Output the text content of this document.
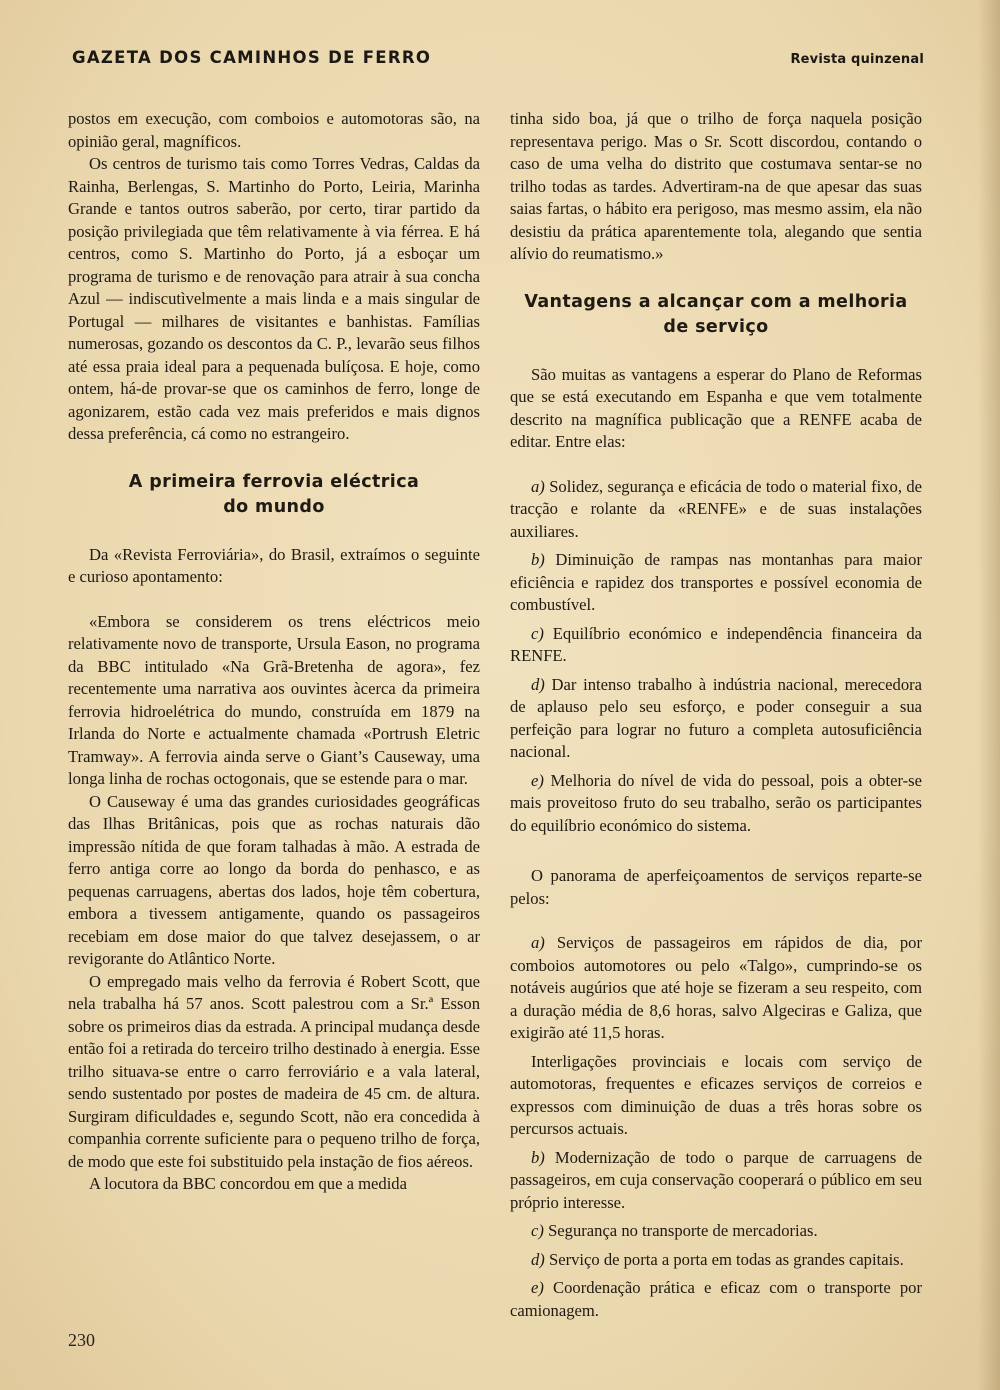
GAZETA DOS CAMINHOS DE FERRO	Revista quinzenal

postos em execução, com comboios e automotoras são, na opinião geral, magníficos.

Os centros de turismo tais como Torres Vedras, Caldas da Rainha, Berlengas, S. Martinho do Porto, Leiria, Marinha Grande e tantos outros saberão, por certo, tirar partido da posição privilegiada que têm relativamente à via férrea. E há centros, como S. Martinho do Porto, já a esboçar um programa de turismo e de renovação para atrair à sua concha Azul — indiscutìvelmente a mais linda e a mais singular de Portugal — milhares de visitantes e banhistas. Famílias numerosas, gozando os descontos da C. P., levarão seus filhos até essa praia ideal para a pequenada bulíçosa. E hoje, como ontem, há-de provar-se que os caminhos de ferro, longe de agonizarem, estão cada vez mais preferidos e mais dignos dessa preferência, cá como no estrangeiro.

A primeira ferrovia eléctrica
do mundo

Da «Revista Ferroviária», do Brasil, extraímos o seguinte e curioso apontamento:

«Embora se considerem os trens eléctricos meio relativamente novo de transporte, Ursula Eason, no programa da BBC intitulado «Na Grã-Bretenha de agora», fez recentemente uma narrativa aos ouvintes àcerca da primeira ferrovia hidroelétrica do mundo, construída em 1879 na Irlanda do Norte e actualmente chamada «Portrush Eletric Tramway». A ferrovia ainda serve o Giant’s Causeway, uma longa linha de rochas octogonais, que se estende para o mar.

O Causeway é uma das grandes curiosidades geográficas das Ilhas Britânicas, pois que as rochas naturais dão impressão nítida de que foram talhadas à mão. A estrada de ferro antiga corre ao longo da borda do penhasco, e as pequenas carruagens, abertas dos lados, hoje têm cobertura, embora a tivessem antigamente, quando os passageiros recebiam em dose maior do que talvez desejassem, o ar revigorante do Atlântico Norte.

O empregado mais velho da ferrovia é Robert Scott, que nela trabalha há 57 anos. Scott palestrou com a Sr.ª Esson sobre os primeiros dias da estrada. A principal mudança desde então foi a retirada do terceiro trilho destinado à energia. Esse trilho situava-se entre o carro ferroviário e a vala lateral, sendo sustentado por postes de madeira de 45 cm. de altura. Surgiram dificuldades e, segundo Scott, não era concedida à companhia corrente suficiente para o pequeno trilho de força, de modo que este foi substituido pela instação de fios aéreos.

A locutora da BBC concordou em que a medida

tinha sido boa, já que o trilho de força naquela posição representava perigo. Mas o Sr. Scott discordou, contando o caso de uma velha do distrito que costumava sentar-se no trilho todas as tardes. Advertiram-na de que apesar das suas saias fartas, o hábito era perigoso, mas mesmo assim, ela não desistiu da prática aparentemente tola, alegando que sentia alívio do reumatismo.»

Vantagens a alcançar com a melhoria
de serviço

São muitas as vantagens a esperar do Plano de Reformas que se está executando em Espanha e que vem totalmente descrito na magnífica publicação que a RENFE acaba de editar. Entre elas:

a) Solidez, segurança e eficácia de todo o material fixo, de tracção e rolante da «RENFE» e de suas instalações auxiliares.

b) Diminuição de rampas nas montanhas para maior eficiência e rapidez dos transportes e possível economia de combustível.

c) Equilíbrio económico e independência financeira da RENFE.

d) Dar intenso trabalho à indústria nacional, merecedora de aplauso pelo seu esforço, e poder conseguir a sua perfeição para lograr no futuro a completa autosuficiência nacional.

e) Melhoria do nível de vida do pessoal, pois a obter-se mais proveitoso fruto do seu trabalho, serão os participantes do equilíbrio económico do sistema.

O panorama de aperfeiçoamentos de serviços reparte-se pelos:

a) Serviços de passageiros em rápidos de dia, por comboios automotores ou pelo «Talgo», cumprindo-se os notáveis augúrios que até hoje se fizeram a seu respeito, com a duração média de 8,6 horas, salvo Algeciras e Galiza, que exigirão até 11,5 horas.

Interligações provinciais e locais com serviço de automotoras, frequentes e eficazes serviços de correios e expressos com diminuição de duas a três horas sobre os percursos actuais.

b) Modernização de todo o parque de carruagens de passageiros, em cuja conservação cooperará o público em seu próprio interesse.

c) Segurança no transporte de mercadorias.

d) Serviço de porta a porta em todas as grandes capitais.

e) Coordenação prática e eficaz com o transporte por camionagem.

230
